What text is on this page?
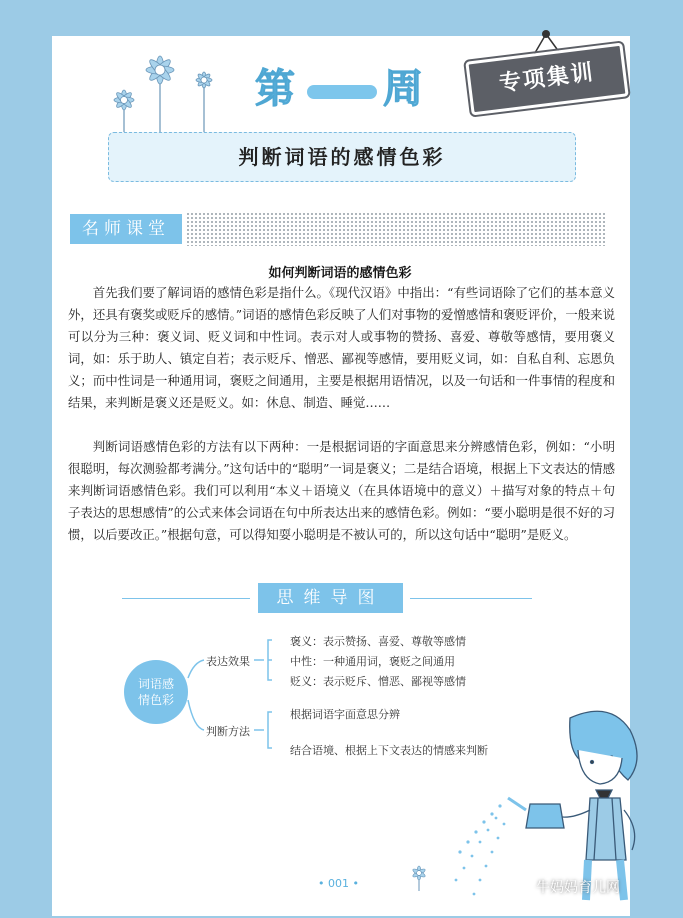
第 周	专项集训
判断词语的感情色彩
名师课堂
如何判断词语的感情色彩

首先我们要了解词语的感情色彩是指什么。《现代汉语》中指出：“有些词语除了它们的基本意义外，还具有褒奖或贬斥的感情。”词语的感情色彩反映了人们对事物的爱憎感情和褒贬评价，一般来说可以分为三种：褒义词、贬义词和中性词。表示对人或事物的赞扬、喜爱、尊敬等感情，要用褒义词，如：乐于助人、镇定自若；表示贬斥、憎恶、鄙视等感情，要用贬义词，如：自私自利、忘恩负义；而中性词是一种通用词，褒贬之间通用，主要是根据用语情况，以及一句话和一件事情的程度和结果，来判断是褒义还是贬义。如：休息、制造、睡觉……

判断词语感情色彩的方法有以下两种：一是根据词语的字面意思来分辨感情色彩，例如：“小明很聪明，每次测验都考满分。”这句话中的“聪明”一词是褒义；二是结合语境，根据上下文表达的情感来判断词语感情色彩。我们可以利用“本义＋语境义（在具体语境中的意义）＋描写对象的特点＋句子表达的思想感情”的公式来体会词语在句中所表达出来的感情色彩。例如：“要小聪明是很不好的习惯，以后要改正。”根据句意，可以得知耍小聪明是不被认可的，所以这句话中“聪明”是贬义。

思维导图
词语感情色彩
表达效果
褒义：表示赞扬、喜爱、尊敬等感情
中性：一种通用词，褒贬之间通用
贬义：表示贬斥、憎恶、鄙视等感情
判断方法
根据词语字面意思分辨
结合语境、根据上下文表达的情感来判断
• 001 •	牛妈妈育儿网
